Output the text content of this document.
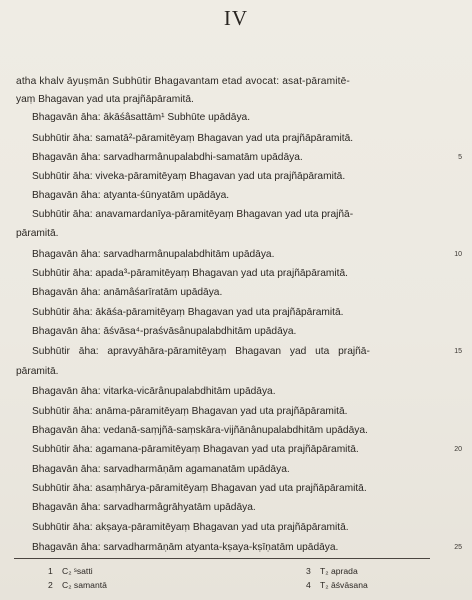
IV
atha khalv āyuṣmān Subhūtir Bhagavantam etad avocat: asat-pāramitē-
yaṃ Bhagavan yad uta prajñāpāramitā.
Bhagavān āha: ākāśâsattām¹ Subhūte upādāya.
Subhūtir āha: samatā²-pāramitēyaṃ Bhagavan yad uta prajñāpāramitā.
Bhagavān āha: sarvadharmânupalabdhi-samatām upādāya.
Subhūtir āha: viveka-pāramitēyaṃ Bhagavan yad uta prajñāpāramitā.
Bhagavān āha: atyanta-śūnyatām upādāya.
Subhūtir āha: anavamardanīya-pāramitēyaṃ Bhagavan yad uta prajñā-
pāramitā.
Bhagavān āha: sarvadharmânupalabdhitām upādāya.
Subhūtir āha: apada³-pāramitēyaṃ Bhagavan yad uta prajñāpāramitā.
Bhagavān āha: anāmâśarīratām upādāya.
Subhūtir āha: ākāśa-pāramitēyaṃ Bhagavan yad uta prajñāpāramitā.
Bhagavān āha: āśvāsa⁴-praśvāsânupalabdhitām upādāya.
Subhūtir āha: apravyāhāra-pāramitēyaṃ Bhagavan yad uta prajñā-
pāramitā.
Bhagavān āha: vitarka-vicārânupalabdhitām upādāya.
Subhūtir āha: anāma-pāramitēyaṃ Bhagavan yad uta prajñāpāramitā.
Bhagavān āha: vedanā-saṃjñā-saṃskāra-vijñānânupalabdhitām upādāya.
Subhūtir āha: agamana-pāramitēyaṃ Bhagavan yad uta prajñāpāramitā.
Bhagavān āha: sarvadharmāṇām agamanatām upādāya.
Subhūtir āha: asaṃhārya-pāramitēyaṃ Bhagavan yad uta prajñāpāramitā.
Bhagavān āha: sarvadharmâgrāhyatām upādāya.
Subhūtir āha: akṣaya-pāramitēyaṃ Bhagavan yad uta prajñāpāramitā.
Bhagavān āha: sarvadharmāṇām atyanta-kṣaya-kṣīṇatām upādāya.
5
10
15
20
25
1 C₂ ˢsatti
2 C₂ samantā
3 T₂ aprada
4 T₂ āśvāsana
